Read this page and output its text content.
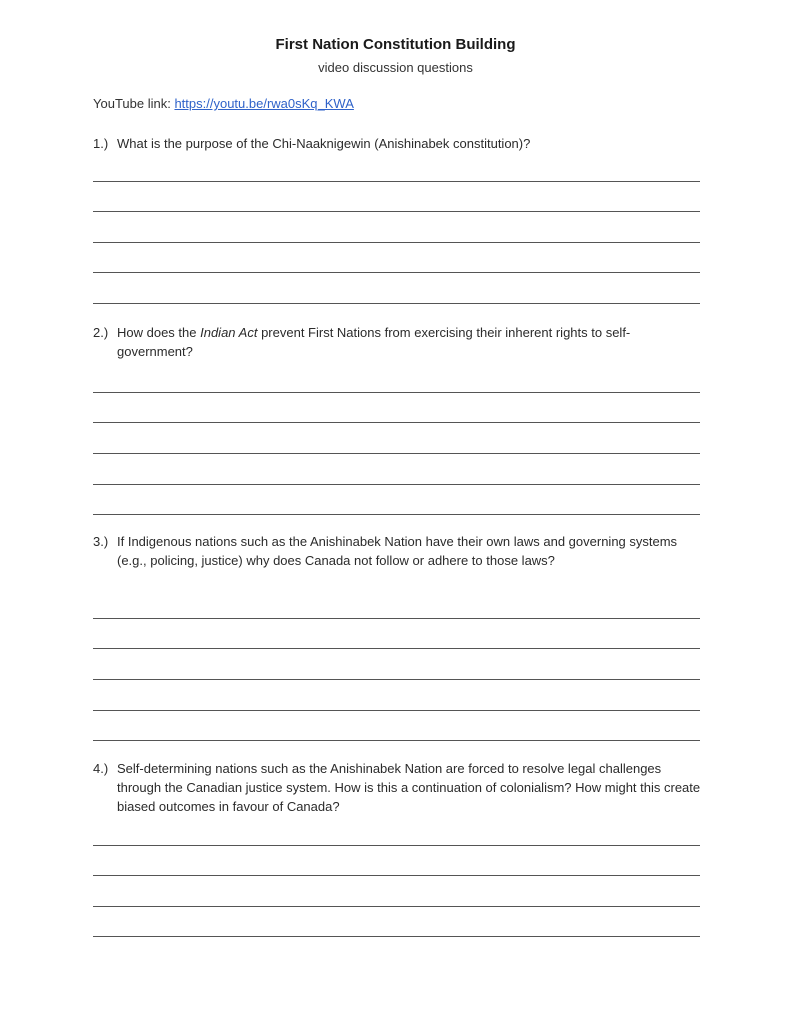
First Nation Constitution Building
video discussion questions
YouTube link: https://youtu.be/rwa0sKq_KWA
1.) What is the purpose of the Chi-Naaknigewin (Anishinabek constitution)?
2.) How does the Indian Act prevent First Nations from exercising their inherent rights to self-government?
3.) If Indigenous nations such as the Anishinabek Nation have their own laws and governing systems (e.g., policing, justice) why does Canada not follow or adhere to those laws?
4.) Self-determining nations such as the Anishinabek Nation are forced to resolve legal challenges through the Canadian justice system. How is this a continuation of colonialism? How might this create biased outcomes in favour of Canada?
